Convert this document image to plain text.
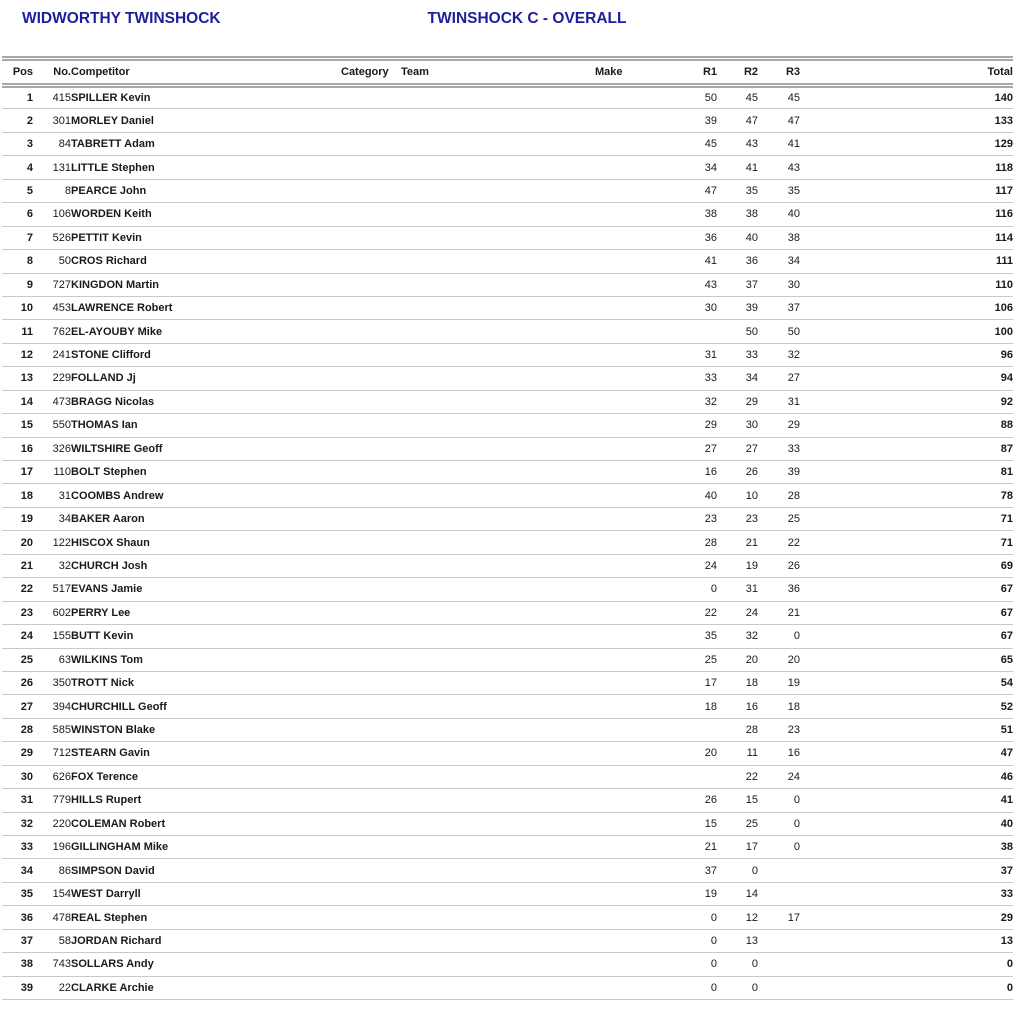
WIDWORTHY TWINSHOCK	TWINSHOCK C - OVERALL
Pos	No.	Competitor	Category	Team	Make	R1	R2	R3	Total
1	415	SPILLER Kevin				50	45	45	140
2	301	MORLEY Daniel				39	47	47	133
3	84	TABRETT Adam				45	43	41	129
4	131	LITTLE Stephen				34	41	43	118
5	8	PEARCE John				47	35	35	117
6	106	WORDEN Keith				38	38	40	116
7	526	PETTIT Kevin				36	40	38	114
8	50	CROS Richard				41	36	34	111
9	727	KINGDON Martin				43	37	30	110
10	453	LAWRENCE Robert				30	39	37	106
11	762	EL-AYOUBY Mike					50	50	100
12	241	STONE Clifford				31	33	32	96
13	229	FOLLAND Jj				33	34	27	94
14	473	BRAGG Nicolas				32	29	31	92
15	550	THOMAS Ian				29	30	29	88
16	326	WILTSHIRE Geoff				27	27	33	87
17	110	BOLT Stephen				16	26	39	81
18	31	COOMBS Andrew				40	10	28	78
19	34	BAKER Aaron				23	23	25	71
20	122	HISCOX Shaun				28	21	22	71
21	32	CHURCH Josh				24	19	26	69
22	517	EVANS Jamie				0	31	36	67
23	602	PERRY Lee				22	24	21	67
24	155	BUTT Kevin				35	32	0	67
25	63	WILKINS Tom				25	20	20	65
26	350	TROTT Nick				17	18	19	54
27	394	CHURCHILL Geoff				18	16	18	52
28	585	WINSTON Blake					28	23	51
29	712	STEARN Gavin				20	11	16	47
30	626	FOX Terence					22	24	46
31	779	HILLS Rupert				26	15	0	41
32	220	COLEMAN Robert				15	25	0	40
33	196	GILLINGHAM Mike				21	17	0	38
34	86	SIMPSON David				37	0		37
35	154	WEST Darryll				19	14		33
36	478	REAL Stephen				0	12	17	29
37	58	JORDAN Richard				0	13		13
38	743	SOLLARS Andy				0	0		0
39	22	CLARKE Archie				0	0		0
